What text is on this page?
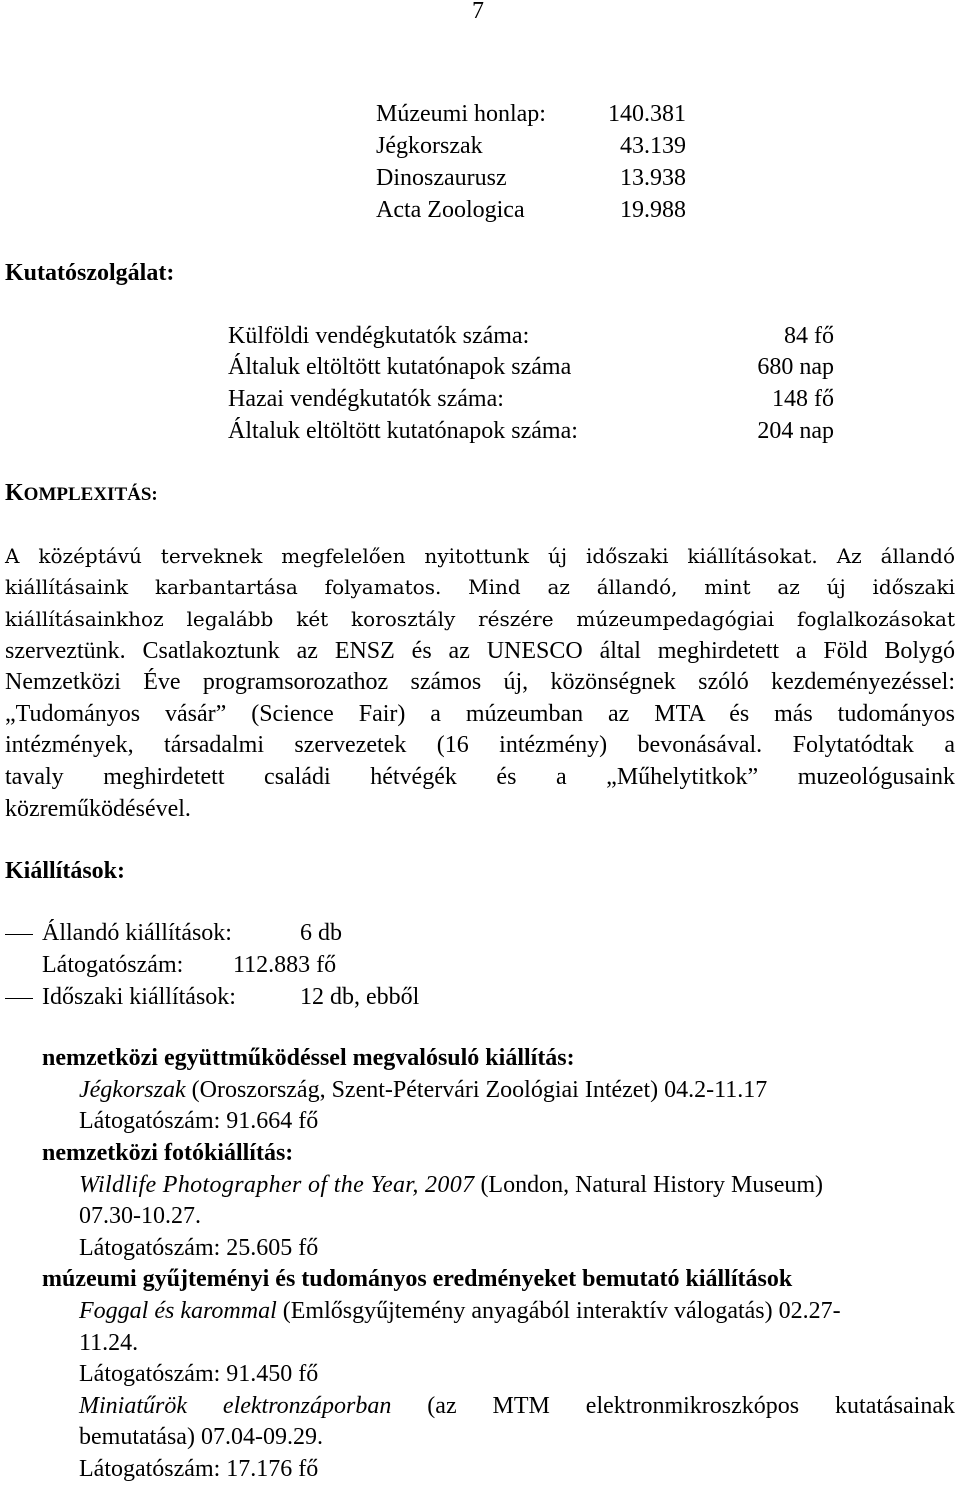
7
Múzeumi honlap:	140.381
Jégkorszak	43.139
Dinoszaurusz	13.938
Acta Zoologica	19.988
Kutatószolgálat:
Külföldi vendégkutatók száma:	84 fő
Általuk eltöltött kutatónapok száma	680 nap
Hazai vendégkutatók száma:	148 fő
Általuk eltöltött kutatónapok száma:	204 nap
KOMPLEXITÁS:
A középtávú terveknek megfelelően nyitottunk új időszaki kiállításokat. Az állandó
kiállításaink karbantartása folyamatos. Mind az állandó, mint az új időszaki
kiállításainkhoz legalább két korosztály részére múzeumpedagógiai foglalkozásokat
szerveztünk. Csatlakoztunk az ENSZ és az UNESCO által meghirdetett a Föld Bolygó
Nemzetközi Éve programsorozathoz számos új, közönségnek szóló kezdeményezéssel:
„Tudományos vásár” (Science Fair) a múzeumban az MTA és más tudományos
intézmények, társadalmi szervezetek (16 intézmény) bevonásával. Folytatódtak a
tavaly meghirdetett családi hétvégék és a „Műhelytitkok” muzeológusaink
közreműködésével.
Kiállítások:
Állandó kiállítások:	6 db
Látogatószám: 112.883 fő
Időszaki kiállítások:	12 db, ebből
nemzetközi együttműködéssel megvalósuló kiállítás:
Jégkorszak (Oroszország, Szent-Pétervári Zoológiai Intézet) 04.2-11.17
Látogatószám: 91.664 fő
nemzetközi fotókiállítás:
Wildlife Photographer of the Year, 2007 (London, Natural History Museum)
07.30-10.27.
Látogatószám: 25.605 fő
múzeumi gyűjteményi és tudományos eredményeket bemutató kiállítások
Foggal és karommal (Emlősgyűjtemény anyagából interaktív válogatás) 02.27-
11.24.
Látogatószám: 91.450 fő
Miniatűrök elektronzáporban (az MTM elektronmikroszkópos kutatásainak
bemutatása) 07.04-09.29.
Látogatószám: 17.176 fő
